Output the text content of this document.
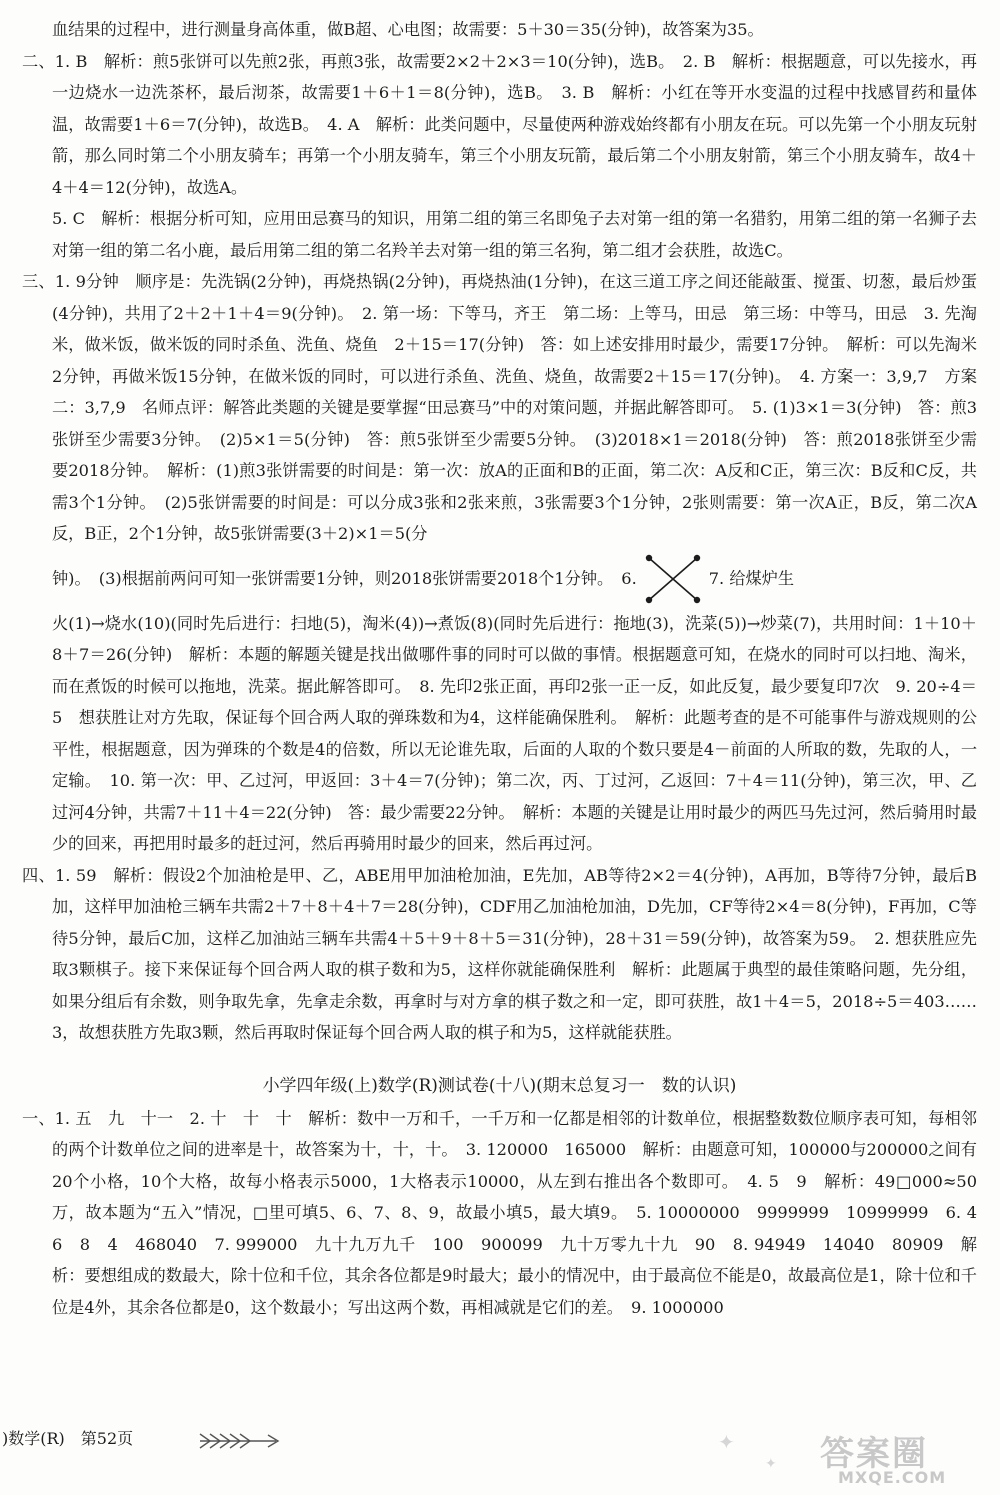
血结果的过程中，进行测量身高体重，做B超、心电图；故需要：5＋30＝35(分钟)，故答案为35。

二、1. B　解析：煎5张饼可以先煎2张，再煎3张，故需要2×2＋2×3＝10(分钟)，选B。　2. B　解析：根据题意，可以先接水，再一边烧水一边洗茶杯，最后沏茶，故需要1＋6＋1＝8(分钟)，选B。　3. B　解析：小红在等开水变温的过程中找感冒药和量体温，故需要1＋6＝7(分钟)，故选B。　4. A　解析：此类问题中，尽量使两种游戏始终都有小朋友在玩。可以先第一个小朋友玩射箭，那么同时第二个小朋友骑车；再第一个小朋友骑车，第三个小朋友玩箭，最后第二个小朋友射箭，第三个小朋友骑车，故4＋4＋4＝12(分钟)，故选A。

5. C　解析：根据分析可知，应用田忌赛马的知识，用第二组的第三名即兔子去对第一组的第一名猎豹，用第二组的第一名狮子去对第一组的第二名小鹿，最后用第二组的第二名羚羊去对第一组的第三名狗，第二组才会获胜，故选C。

三、1. 9分钟　顺序是：先洗锅(2分钟)，再烧热锅(2分钟)，再烧热油(1分钟)，在这三道工序之间还能敲蛋、搅蛋、切葱，最后炒蛋(4分钟)，共用了2＋2＋1＋4＝9(分钟)。　2. 第一场：下等马，齐王　第二场：上等马，田忌　第三场：中等马，田忌　3. 先淘米，做米饭，做米饭的同时杀鱼、洗鱼、烧鱼　2＋15＝17(分钟)　答：如上述安排用时最少，需要17分钟。　解析：可以先淘米2分钟，再做米饭15分钟，在做米饭的同时，可以进行杀鱼、洗鱼、烧鱼，故需要2＋15＝17(分钟)。　4. 方案一：3,9,7　方案二：3,7,9　名师点评：解答此类题的关键是要掌握“田忌赛马”中的对策问题，并据此解答即可。　5. (1)3×1＝3(分钟)　答：煎3张饼至少需要3分钟。　(2)5×1＝5(分钟)　答：煎5张饼至少需要5分钟。　(3)2018×1＝2018(分钟)　答：煎2018张饼至少需要2018分钟。　解析：(1)煎3张饼需要的时间是：第一次：放A的正面和B的正面，第二次：A反和C正，第三次：B反和C反，共需3个1分钟。　(2)5张饼需要的时间是：可以分成3张和2张来煎，3张需要3个1分钟，2张则需要：第一次A正，B反，第二次A反，B正，2个1分钟，故5张饼需要(3＋2)×1＝5(分

钟)。　(3)根据前两问可知一张饼需要1分钟，则2018张饼需要2018个1分钟。　6.	7. 给煤炉生

火(1)→烧水(10)(同时先后进行：扫地(5)，淘米(4))→煮饭(8)(同时先后进行：拖地(3)，洗菜(5))→炒菜(7)，共用时间：1＋10＋8＋7＝26(分钟)　解析：本题的解题关键是找出做哪件事的同时可以做的事情。根据题意可知，在烧水的同时可以扫地、淘米，而在煮饭的时候可以拖地，洗菜。据此解答即可。　8. 先印2张正面，再印2张一正一反，如此反复，最少要复印7次　9. 20÷4＝5　想获胜让对方先取，保证每个回合两人取的弹珠数和为4，这样能确保胜利。　解析：此题考查的是不可能事件与游戏规则的公平性，根据题意，因为弹珠的个数是4的倍数，所以无论谁先取，后面的人取的个数只要是4－前面的人所取的数，先取的人，一定输。　10. 第一次：甲、乙过河，甲返回：3＋4＝7(分钟)；第二次，丙、丁过河，乙返回：7＋4＝11(分钟)，第三次，甲、乙过河4分钟，共需7＋11＋4＝22(分钟)　答：最少需要22分钟。　解析：本题的关键是让用时最少的两匹马先过河，然后骑用时最少的回来，再把用时最多的赶过河，然后再骑用时最少的回来，然后再过河。

四、1. 59　解析：假设2个加油枪是甲、乙，ABE用甲加油枪加油，E先加，AB等待2×2＝4(分钟)，A再加，B等待7分钟，最后B加，这样甲加油枪三辆车共需2＋7＋8＋4＋7＝28(分钟)，CDF用乙加油枪加油，D先加，CF等待2×4＝8(分钟)，F再加，C等待5分钟，最后C加，这样乙加油站三辆车共需4＋5＋9＋8＋5＝31(分钟)，28＋31＝59(分钟)，故答案为59。　2. 想获胜应先取3颗棋子。接下来保证每个回合两人取的棋子数和为5，这样你就能确保胜利　解析：此题属于典型的最佳策略问题，先分组，如果分组后有余数，则争取先拿，先拿走余数，再拿时与对方拿的棋子数之和一定，即可获胜，故1＋4＝5，2018÷5＝403……3，故想获胜方先取3颗，然后再取时保证每个回合两人取的棋子和为5，这样就能获胜。

小学四年级(上)数学(R)测试卷(十八)(期末总复习一　数的认识)

一、1. 五　九　十一　2. 十　十　十　解析：数中一万和千，一千万和一亿都是相邻的计数单位，根据整数数位顺序表可知，每相邻的两个计数单位之间的进率是十，故答案为十，十，十。　3. 120000　165000　解析：由题意可知，100000与200000之间有20个小格，10个大格，故每小格表示5000，1大格表示10000，从左到右推出各个数即可。　4. 5　9　解析：49□000≈50万，故本题为“五入”情况，□里可填5、6、7、8、9，故最小填5，最大填9。　5. 10000000　9999999　10999999　6. 4　6　8　4　468040　7. 999000　九十九万九千　100　900099　九十万零九十九　90　8. 94949　14040　80909　解析：要想组成的数最大，除十位和千位，其余各位都是9时最大；最小的情况中，由于最高位不能是0，故最高位是1，除十位和千位是4外，其余各位都是0，这个数最小；写出这两个数，再相减就是它们的差。　9. 1000000

)数学(R)　第52页	✦
✦ 答案圈
MXQE.COM
